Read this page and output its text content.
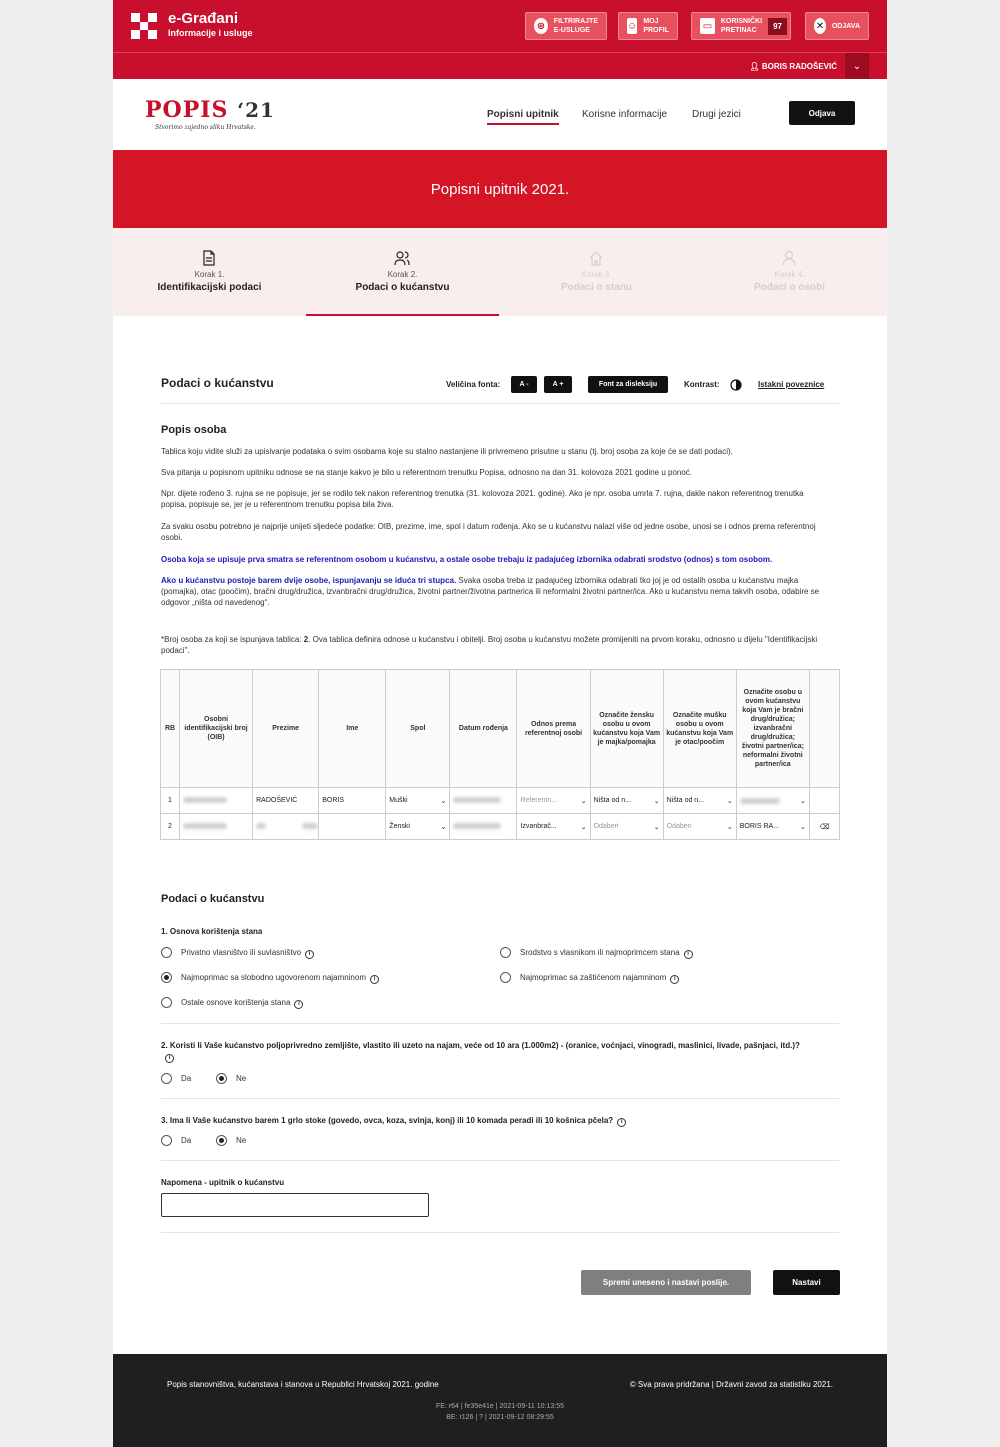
e-Građani
Informacije i usluge
⊛	FILTRIRAJTE
E-USLUGE	☺ MOJ
PROFIL	▭	KORISNIČKI
PRETINAC	97	✕ ODJAVA
👤︎ BORIS RADOŠEVIĆ	⌄
POPIS ‘21
Stvorimo zajedno sliku Hrvatske.
Popisni upitnik Korisne informacije Drugi jezici	Odjava
Popisni upitnik 2021.
Korak 1.
Identifikacijski podaci
Korak 2.
Podaci o kućanstvu
Korak 3.
Podaci o stanu
Korak 4.
Podaci o osobi
Podaci o kućanstvu	Veličina fonta:	A -	A +	Font za disleksiju	Kontrast:	Istakni poveznice
Popis osoba
Tablica koju vidite služi za upisivanje podataka o svim osobama koje su stalno nastanjene ili privremeno prisutne u stanu (tj. broj osoba za koje će se dati podaci).
Sva pitanja u popisnom upitniku odnose se na stanje kakvo je bilo u referentnom trenutku Popisa, odnosno na dan 31. kolovoza 2021 godine u ponoć.
Npr. dijete rođeno 3. rujna se ne popisuje, jer se rodilo tek nakon referentnog trenutka (31. kolovoza 2021. godine). Ako je npr. osoba umrla 7. rujna, dakle nakon referentnog trenutka popisa, popisuje se, jer je u referentnom trenutku popisa bila živa.
Za svaku osobu potrebno je najprije unijeti sljedeće podatke: OIB, prezime, ime, spol i datum rođenja. Ako se u kućanstvu nalazi više od jedne osobe, unosi se i odnos prema referentnoj osobi.
Osoba koja se upisuje prva smatra se referentnom osobom u kućanstvu, a ostale osobe trebaju iz padajućeg izbornika odabrati srodstvo (odnos) s tom osobom.
Ako u kućanstvu postoje barem dvije osobe, ispunjavanju se iduća tri stupca. Svaka osoba treba iz padajućeg izbornika odabrati tko joj je od ostalih osoba u kućanstvu majka (pomajka), otac (poočim), bračni drug/družica, izvanbračni drug/družica, životni partner/životna partnerica ili neformalni životni partner/ica. Ako u kućanstvu nema takvih osoba, odabire se odgovor „ništa od navedenog“.
*Broj osoba za koji se ispunjava tablica: 2. Ova tablica definira odnose u kućanstvu i obitelji. Broj osoba u kućanstvu možete promijeniti na prvom koraku, odnosno u dijelu "Identifikacijski podaci".
RB	Osobni identifikacijski broj (OIB)	Prezime	Ime	Spol	Datum rođenja	Odnos prema referentnoj osobi	Označite žensku osobu u ovom kućanstvu koja Vam je majka/pomajka	Označite mušku osobu u ovom kućanstvu koja Vam je otac/poočim	Označite osobu u ovom kućanstvu koja Vam je bračni drug/družica; izvanbračni drug/družica; životni partner/ica; neformalni životni partner/ica	
1		RADOŠEVIĆ	BORIS	Muški ⌄		Referentn... ⌄	Ništa od n... ⌄	Ništa od n... ⌄	⌄	

2				Ženski ⌄		Izvanbrač... ⌄	Odaberi ⌄	Odaberi ⌄	BORIS RA... ⌄	⌫
Podaci o kućanstvu
1. Osnova korištenja stana
Privatno vlasništvo ili suvlasništvo i	Srodstvo s vlasnikom ili najmoprimcem stana i
Najmoprimac sa slobodno ugovorenom najamninom i	Najmoprimac sa zaštićenom najamninom i
Ostale osnove korištenja stana i
2. Koristi li Vaše kućanstvo poljoprivredno zemljište, vlastito ili uzeto na najam, veće od 10 ara (1.000m2) - (oranice, voćnjaci, vinogradi, maslinici, livade, pašnjaci, itd.)?i
Da	Ne
3. Ima li Vaše kućanstvo barem 1 grlo stoke (govedo, ovca, koza, svinja, konj) ili 10 komada peradi ili 10 košnica pčela? i
Da	Ne
Napomena - upitnik o kućanstvu
Spremi uneseno i nastavi poslije.	Nastavi
Popis stanovništva, kućanstava i stanova u Republici Hrvatskoj 2021. godine	© Sva prava pridržana | Državni zavod za statistiku 2021.
FE: r64 | fe35e41e | 2021-09-11 10:13:55
BE: r126 | ? | 2021-09-12 08:29:55
